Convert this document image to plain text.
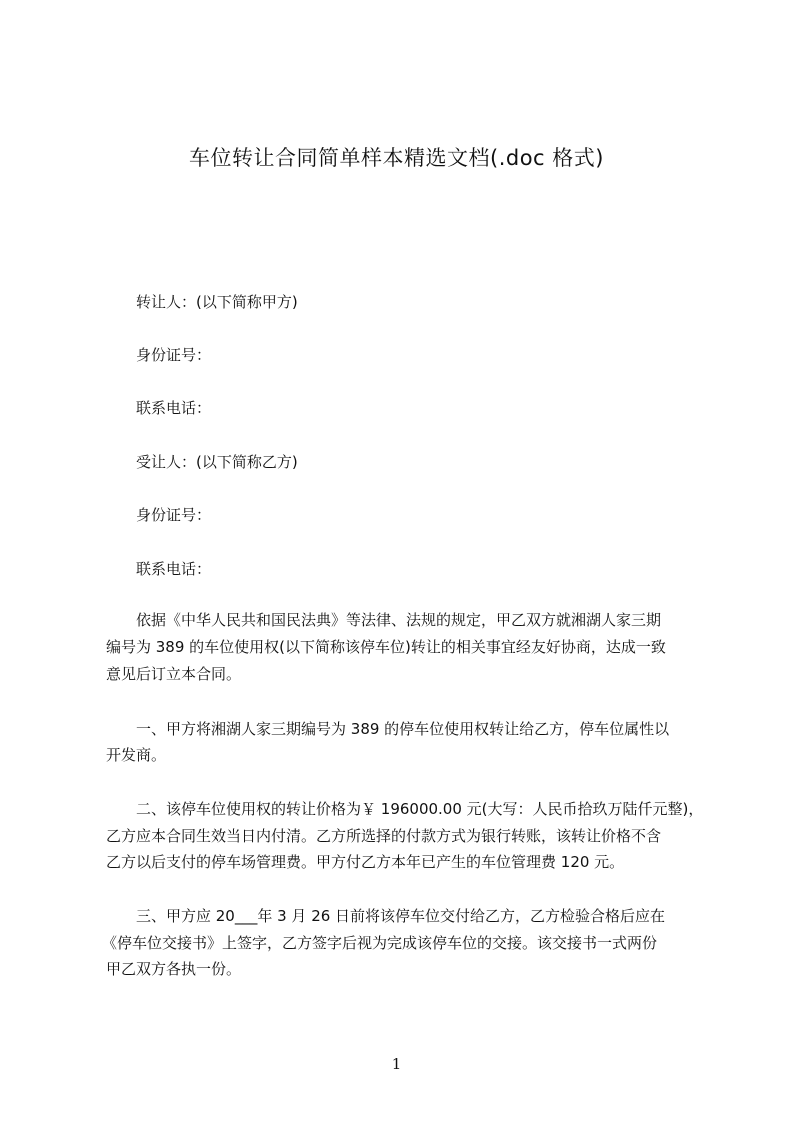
车位转让合同简单样本精选文档(.doc 格式)
转让人：(以下简称甲方)
身份证号：
联系电话：
受让人：(以下简称乙方)
身份证号：
联系电话：
依据《中华人民共和国民法典》等法律、法规的规定，甲乙双方就湘湖人家三期
编号为 389 的车位使用权(以下简称该停车位)转让的相关事宜经友好协商，达成一致
意见后订立本合同。
一、甲方将湘湖人家三期编号为 389 的停车位使用权转让给乙方，停车位属性以
开发商。
二、该停车位使用权的转让价格为￥ 196000.00 元(大写：人民币拾玖万陆仟元整)，
乙方应本合同生效当日内付清。乙方所选择的付款方式为银行转账，该转让价格不含
乙方以后支付的停车场管理费。甲方付乙方本年已产生的车位管理费 120 元。
三、甲方应 20___年 3 月 26 日前将该停车位交付给乙方，乙方检验合格后应在
《停车位交接书》上签字，乙方签字后视为完成该停车位的交接。该交接书一式两份
甲乙双方各执一份。
1
